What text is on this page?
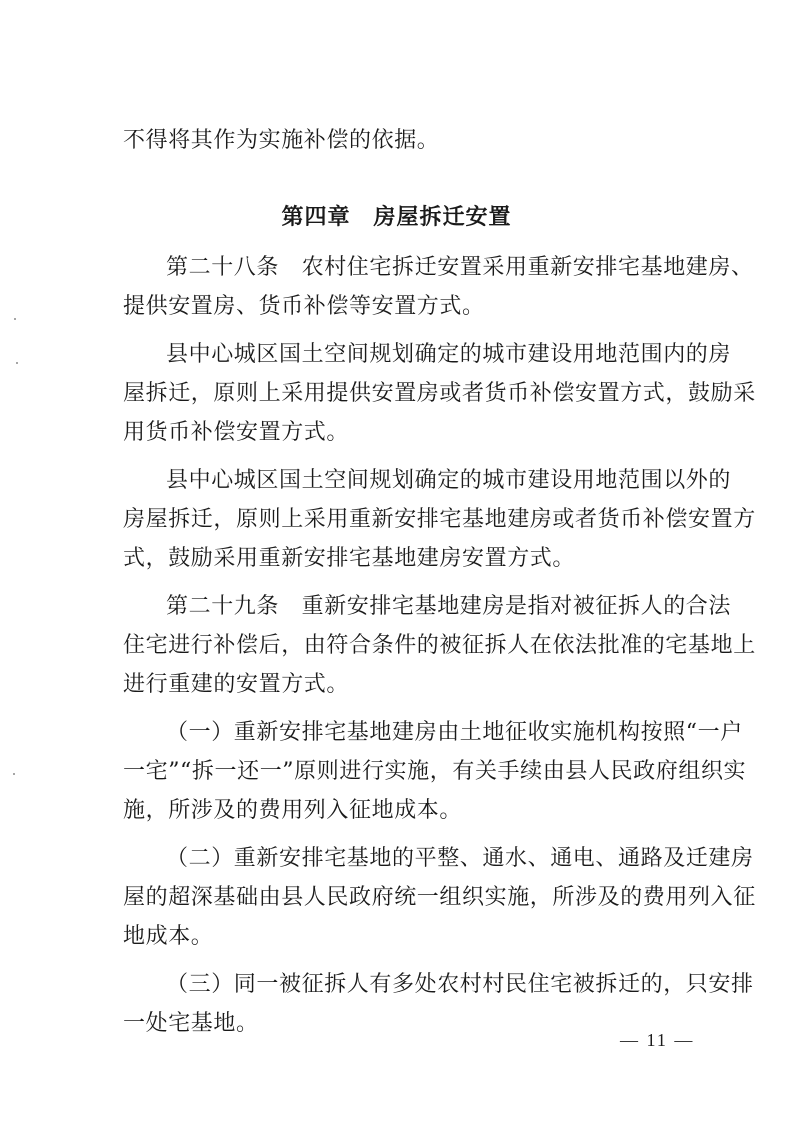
不得将其作为实施补偿的依据。
第四章　房屋拆迁安置
第二十八条　农村住宅拆迁安置采用重新安排宅基地建房、
提供安置房、货币补偿等安置方式。
县中心城区国土空间规划确定的城市建设用地范围内的房
屋拆迁，原则上采用提供安置房或者货币补偿安置方式，鼓励采
用货币补偿安置方式。
县中心城区国土空间规划确定的城市建设用地范围以外的
房屋拆迁，原则上采用重新安排宅基地建房或者货币补偿安置方
式，鼓励采用重新安排宅基地建房安置方式。
第二十九条　重新安排宅基地建房是指对被征拆人的合法
住宅进行补偿后，由符合条件的被征拆人在依法批准的宅基地上
进行重建的安置方式。
（一）重新安排宅基地建房由土地征收实施机构按照“一户
一宅”“拆一还一”原则进行实施，有关手续由县人民政府组织实
施，所涉及的费用列入征地成本。
（二）重新安排宅基地的平整、通水、通电、通路及迁建房
屋的超深基础由县人民政府统一组织实施，所涉及的费用列入征
地成本。
（三）同一被征拆人有多处农村村民住宅被拆迁的，只安排
一处宅基地。
— 11 —
